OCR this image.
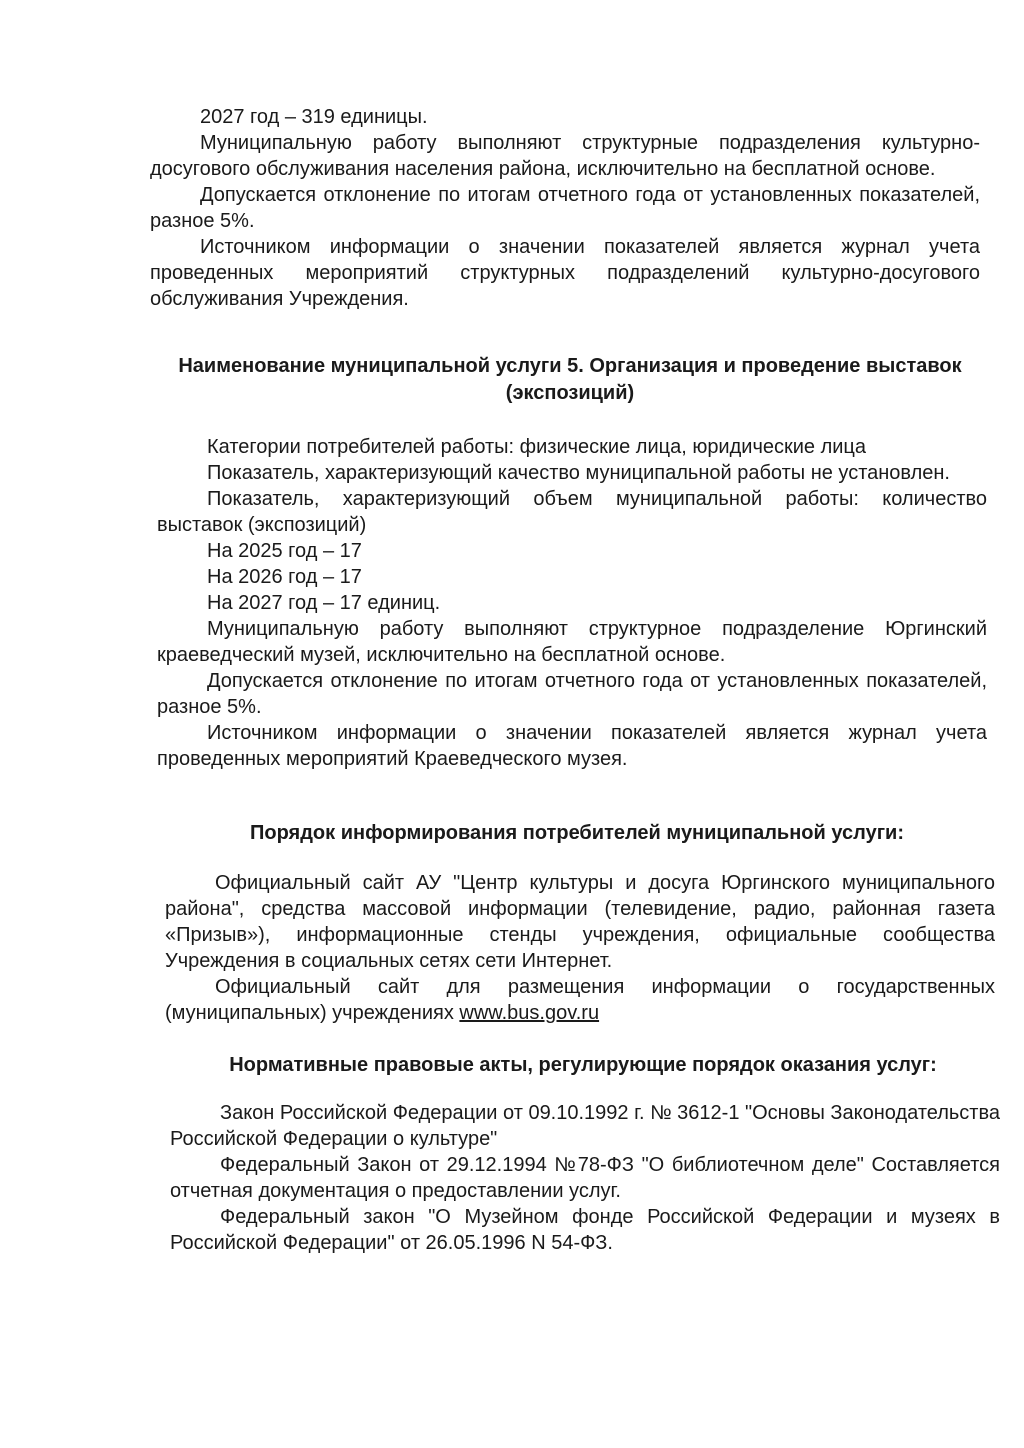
2027 год – 319 единицы.

Муниципальную работу выполняют структурные подразделения культурно-досугового обслуживания населения района, исключительно на бесплатной основе.

Допускается отклонение по итогам отчетного года от установленных показателей, разное 5%.

Источником информации о значении показателей является журнал учета проведенных мероприятий структурных подразделений культурно-досугового обслуживания Учреждения.

Наименование муниципальной услуги 5. Организация и проведение выставок (экспозиций)

Категории потребителей работы: физические лица, юридические лица

Показатель, характеризующий качество муниципальной работы не установлен.

Показатель, характеризующий объем муниципальной работы: количество выставок (экспозиций)

На 2025 год – 17

На 2026 год – 17

На 2027 год – 17 единиц.

Муниципальную работу выполняют структурное подразделение Юргинский краеведческий музей, исключительно на бесплатной основе.

Допускается отклонение по итогам отчетного года от установленных показателей, разное 5%.

Источником информации о значении показателей является журнал учета проведенных мероприятий Краеведческого музея.

Порядок информирования потребителей муниципальной услуги:

Официальный сайт АУ "Центр культуры и досуга Юргинского муниципального района", средства массовой информации (телевидение, радио, районная газета «Призыв»), информационные стенды учреждения, официальные сообщества Учреждения в социальных сетях сети Интернет.

Официальный сайт для размещения информации о государственных (муниципальных) учреждениях www.bus.gov.ru

Нормативные правовые акты, регулирующие порядок оказания услуг:

Закон Российской Федерации от 09.10.1992 г. № 3612-1 "Основы Законодательства Российской Федерации о культуре"

Федеральный Закон от 29.12.1994 №78-ФЗ "О библиотечном деле" Составляется отчетная документация о предоставлении услуг.

Федеральный закон "О Музейном фонде Российской Федерации и музеях в Российской Федерации" от 26.05.1996 N 54-ФЗ.
